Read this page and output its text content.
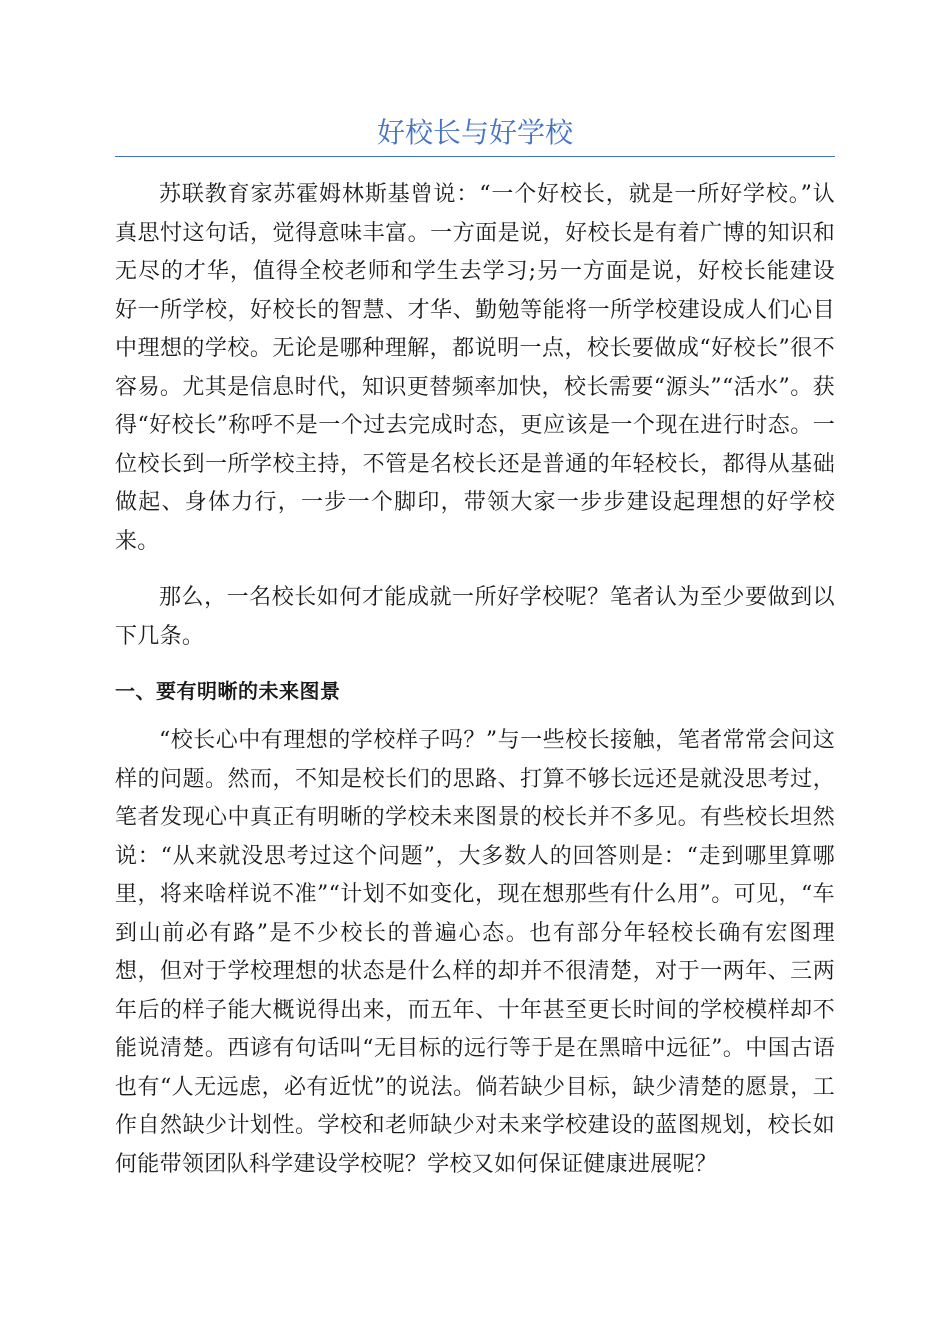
好校长与好学校

苏联教育家苏霍姆林斯基曾说：“一个好校长，就是一所好学校。”认真思忖这句话，觉得意味丰富。一方面是说，好校长是有着广博的知识和无尽的才华，值得全校老师和学生去学习;另一方面是说，好校长能建设好一所学校，好校长的智慧、才华、勤勉等能将一所学校建设成人们心目中理想的学校。无论是哪种理解，都说明一点，校长要做成“好校长”很不容易。尤其是信息时代，知识更替频率加快，校长需要“源头”“活水”。获得“好校长”称呼不是一个过去完成时态，更应该是一个现在进行时态。一位校长到一所学校主持，不管是名校长还是普通的年轻校长，都得从基础做起、身体力行，一步一个脚印，带领大家一步步建设起理想的好学校来。

那么，一名校长如何才能成就一所好学校呢？笔者认为至少要做到以下几条。

一、要有明晰的未来图景

“校长心中有理想的学校样子吗？”与一些校长接触，笔者常常会问这样的问题。然而，不知是校长们的思路、打算不够长远还是就没思考过，笔者发现心中真正有明晰的学校未来图景的校长并不多见。有些校长坦然说：“从来就没思考过这个问题”，大多数人的回答则是：“走到哪里算哪里，将来啥样说不准”“计划不如变化，现在想那些有什么用”。可见，“车到山前必有路”是不少校长的普遍心态。也有部分年轻校长确有宏图理想，但对于学校理想的状态是什么样的却并不很清楚，对于一两年、三两年后的样子能大概说得出来，而五年、十年甚至更长时间的学校模样却不能说清楚。西谚有句话叫“无目标的远行等于是在黑暗中远征”。中国古语也有“人无远虑，必有近忧”的说法。倘若缺少目标，缺少清楚的愿景，工作自然缺少计划性。学校和老师缺少对未来学校建设的蓝图规划，校长如何能带领团队科学建设学校呢？学校又如何保证健康进展呢？
